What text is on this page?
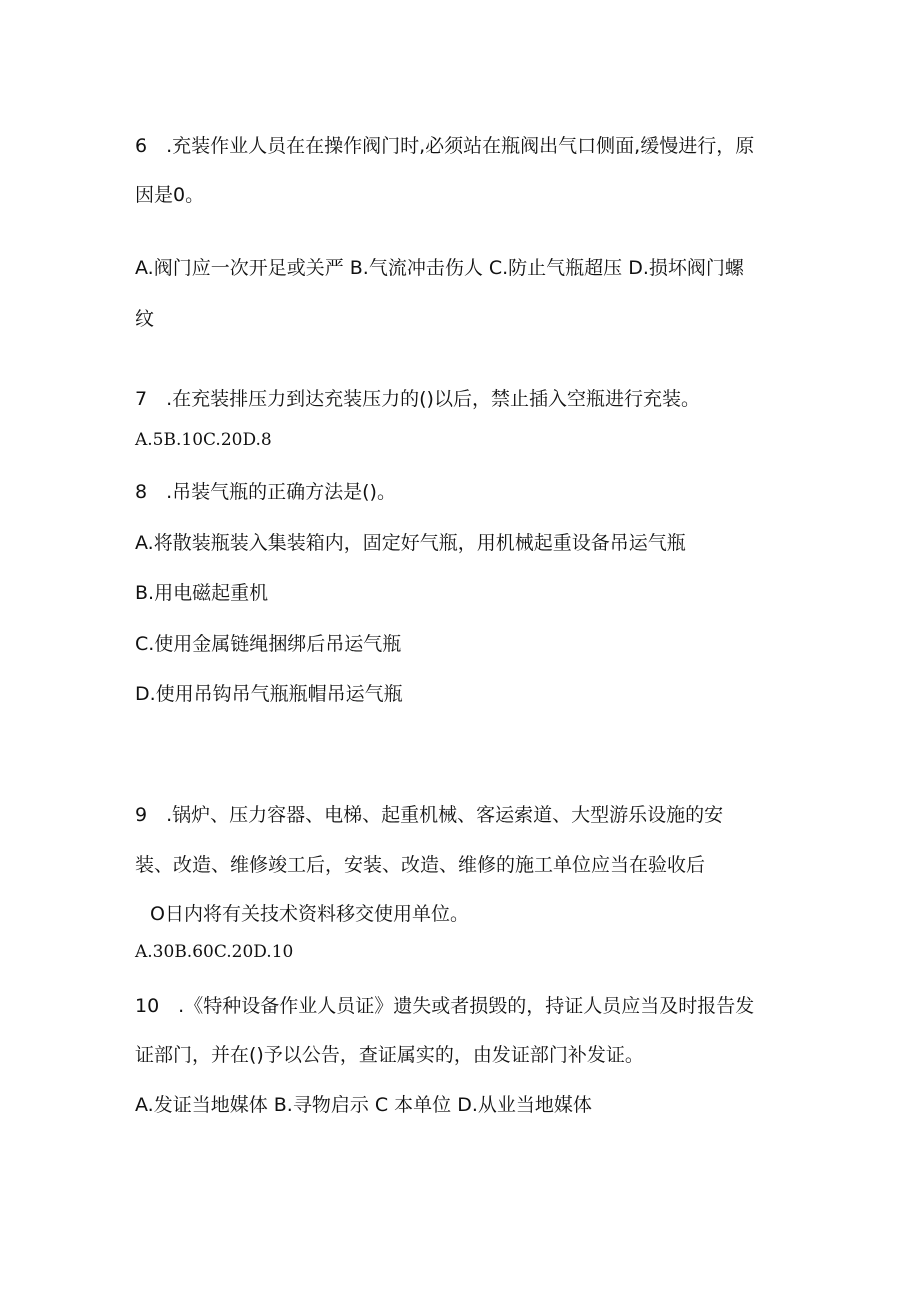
6　.充装作业人员在在操作阀门时,必须站在瓶阀出气口侧面,缓慢进行，原
因是0。
A.阀门应一次开足或关严 B.气流冲击伤人 C.防止气瓶超压 D.损坏阀门螺
纹
7　.在充装排压力到达充装压力的()以后，禁止插入空瓶进行充装。
A.5B.10C.20D.8
8　.吊装气瓶的正确方法是()。
A.将散装瓶装入集装箱内，固定好气瓶，用机械起重设备吊运气瓶
B.用电磁起重机
C.使用金属链绳捆绑后吊运气瓶
D.使用吊钩吊气瓶瓶帽吊运气瓶
9　.锅炉、压力容器、电梯、起重机械、客运索道、大型游乐设施的安
装、改造、维修竣工后，安装、改造、维修的施工单位应当在验收后
O日内将有关技术资料移交使用单位。
A.30B.60C.20D.10
10　.《特种设备作业人员证》遗失或者损毁的，持证人员应当及时报告发
证部门，并在()予以公告，查证属实的，由发证部门补发证。
A.发证当地媒体 B.寻物启示 C 本单位 D.从业当地媒体
